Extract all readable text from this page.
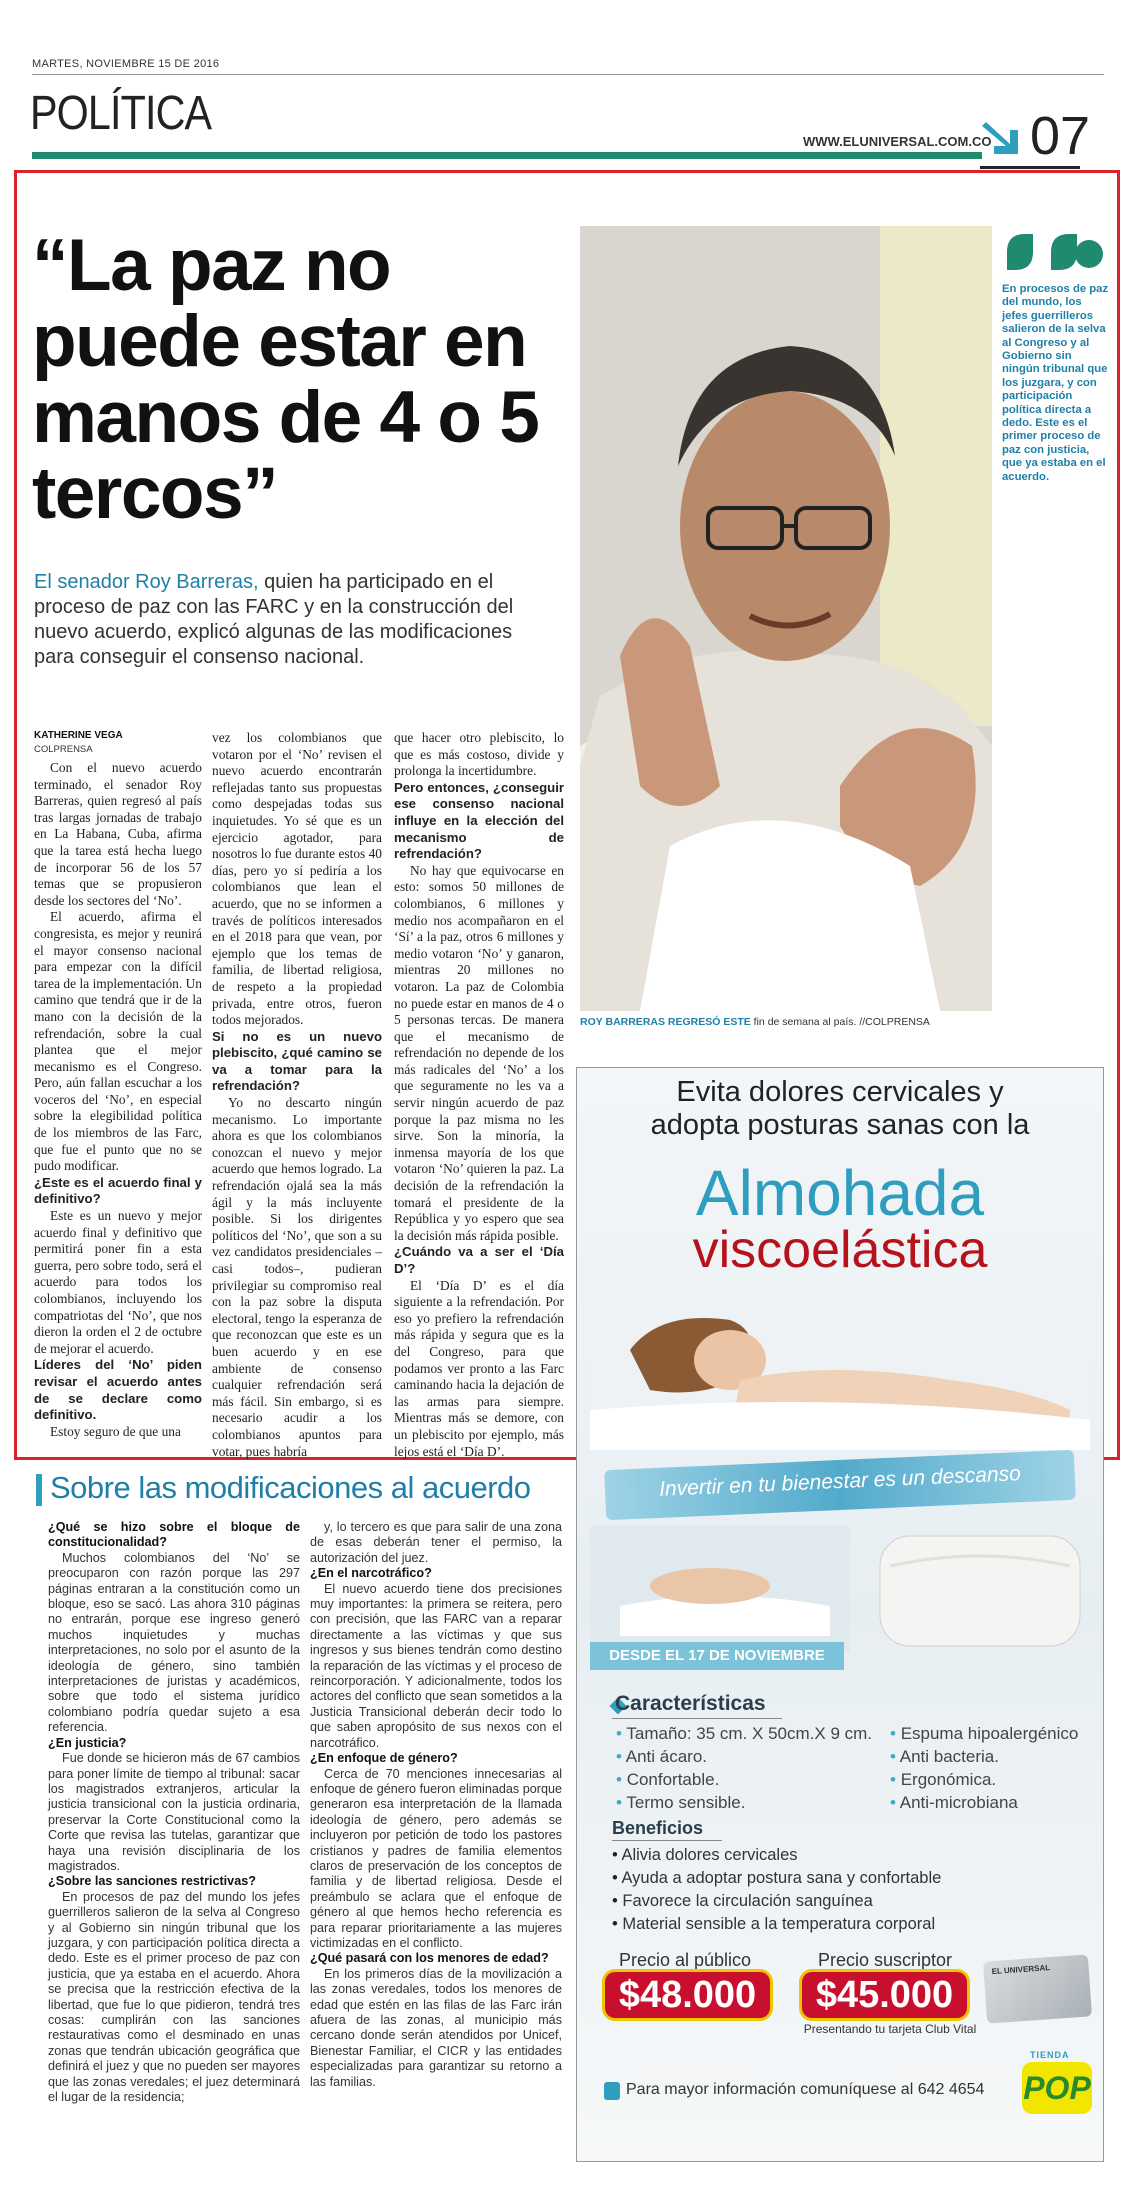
MARTES, NOVIEMBRE 15 DE 2016
POLÍTICA
WWW.ELUNIVERSAL.COM.CO 07
“La paz no puede estar en manos de 4 o 5 tercos”
El senador Roy Barreras, quien ha participado en el proceso de paz con las FARC y en la construcción del nuevo acuerdo, explicó algunas de las modificaciones para conseguir el consenso nacional.
ROY BARRERAS REGRESÓ ESTE fin de semana al país. //COLPRENSA
En procesos de paz del mundo, los jefes guerrilleros salieron de la selva al Congreso y al Gobierno sin ningún tribunal que los juzgara, y con participación política directa a dedo. Este es el primer proceso de paz con justicia, que ya estaba en el acuerdo.
KATHERINE VEGA
COLPRENSA

Con el nuevo acuerdo terminado, el senador Roy Barreras, quien regresó al país tras largas jornadas de trabajo en La Habana, Cuba, afirma que la tarea está hecha luego de incorporar 56 de los 57 temas que se propusieron desde los sectores del ‘No’.

El acuerdo, afirma el congresista, es mejor y reunirá el mayor consenso nacional para empezar con la difícil tarea de la implementación. Un camino que tendrá que ir de la mano con la decisión de la refrendación, sobre la cual plantea que el mejor mecanismo es el Congreso. Pero, aún fallan escuchar a los voceros del ‘No’, en especial sobre la elegibilidad política de los miembros de las Farc, que fue el punto que no se pudo modificar.

¿Este es el acuerdo final y definitivo?

Este es un nuevo y mejor acuerdo final y definitivo que permitirá poner fin a esta guerra, pero sobre todo, será el acuerdo para todos los colombianos, incluyendo los compatriotas del ‘No’, que nos dieron la orden el 2 de octubre de mejorar el acuerdo.

Líderes del ‘No’ piden revisar el acuerdo antes de se declare como definitivo.

Estoy seguro de que una

vez los colombianos que votaron por el ‘No’ revisen el nuevo acuerdo encontrarán reflejadas tanto sus propuestas como despejadas todas sus inquietudes. Yo sé que es un ejercicio agotador, para nosotros lo fue durante estos 40 días, pero yo sí pediría a los colombianos que lean el acuerdo, que no se informen a través de políticos interesados en el 2018 para que vean, por ejemplo que los temas de familia, de libertad religiosa, de respeto a la propiedad privada, entre otros, fueron todos mejorados.

Si no es un nuevo plebiscito, ¿qué camino se va a tomar para la refrendación?

Yo no descarto ningún mecanismo. Lo importante ahora es que los colombianos conozcan el nuevo y mejor acuerdo que hemos logrado. La refrendación ojalá sea la más ágil y la más incluyente posible. Si los dirigentes políticos del ‘No’, que son a su vez candidatos presidenciales –casi todos–, pudieran privilegiar su compromiso real con la paz sobre la disputa electoral, tengo la esperanza de que reconozcan que este es un buen acuerdo y en ese ambiente de consenso cualquier refrendación será más fácil. Sin embargo, si es necesario acudir a los colombianos apuntos para votar, pues habría

que hacer otro plebiscito, lo que es más costoso, divide y prolonga la incertidumbre.

Pero entonces, ¿conseguir ese consenso nacional influye en la elección del mecanismo de refrendación?

No hay que equivocarse en esto: somos 50 millones de colombianos, 6 millones y medio nos acompañaron en el ‘Sí’ a la paz, otros 6 millones y medio votaron ‘No’ y ganaron, mientras 20 millones no votaron. La paz de Colombia no puede estar en manos de 4 o 5 personas tercas. De manera que el mecanismo de refrendación no depende de los más radicales del ‘No’ a los que seguramente no les va a servir ningún acuerdo de paz porque la paz misma no les sirve. Son la minoría, la inmensa mayoría de los que votaron ‘No’ quieren la paz. La decisión de la refrendación la tomará el presidente de la República y yo espero que sea la decisión más rápida posible.

¿Cuándo va a ser el ‘Día D’?

El ‘Día D’ es el día siguiente a la refrendación. Por eso yo prefiero la refrendación más rápida y segura que es la del Congreso, para que podamos ver pronto a las Farc caminando hacia la dejación de las armas para siempre. Mientras más se demore, con un plebiscito por ejemplo, más lejos está el ‘Día D’.

Sobre las modificaciones al acuerdo

¿Qué se hizo sobre el bloque de constitucionalidad?

Muchos colombianos del ‘No’ se preocuparon con razón porque las 297 páginas entraran a la constitución como un bloque, eso se sacó. Las ahora 310 páginas no entrarán, porque ese ingreso generó muchos inquietudes y muchas interpretaciones, no solo por el asunto de la ideología de género, sino también interpretaciones de juristas y académicos, sobre que todo el sistema jurídico colombiano podría quedar sujeto a esa referencia.

¿En justicia?

Fue donde se hicieron más de 67 cambios para poner límite de tiempo al tribunal: sacar los magistrados extranjeros, articular la justicia transicional con la justicia ordinaria, preservar la Corte Constitucional como la Corte que revisa las tutelas, garantizar que haya una revisión disciplinaria de los magistrados.

¿Sobre las sanciones restrictivas?

En procesos de paz del mundo los jefes guerrilleros salieron de la selva al Congreso y al Gobierno sin ningún tribunal que los juzgara, y con participación política directa a dedo. Este es el primer proceso de paz con justicia, que ya estaba en el acuerdo. Ahora se precisa que la restricción efectiva de la libertad, que fue lo que pidieron, tendrá tres cosas: cumplirán con las sanciones restaurativas como el desminado en unas zonas que tendrán ubicación geográfica que definirá el juez y que no pueden ser mayores que las zonas veredales; el juez determinará el lugar de la residencia;

y, lo tercero es que para salir de una zona de esas deberán tener el permiso, la autorización del juez.

¿En el narcotráfico?

El nuevo acuerdo tiene dos precisiones muy importantes: la primera se reitera, pero con precisión, que las FARC van a reparar directamente a las víctimas y que sus ingresos y sus bienes tendrán como destino la reparación de las víctimas y el proceso de reincorporación. Y adicionalmente, todos los actores del conflicto que sean sometidos a la Justicia Transicional deberán decir todo lo que saben apropósito de sus nexos con el narcotráfico.

¿En enfoque de género?

Cerca de 70 menciones innecesarias al enfoque de género fueron eliminadas porque generaron esa interpretación de la llamada ideología de género, pero además se incluyeron por petición de todo los pastores cristianos y padres de familia elementos claros de preservación de los conceptos de familia y de libertad religiosa. Desde el preámbulo se aclara que el enfoque de género al que hemos hecho referencia es para reparar prioritariamente a las mujeres victimizadas en el conflicto.

¿Qué pasará con los menores de edad?

En los primeros días de la movilización a las zonas veredales, todos los menores de edad que estén en las filas de las Farc irán afuera de las zonas, al municipio más cercano donde serán atendidos por Unicef, Bienestar Familiar, el CICR y las entidades especializadas para garantizar su retorno a las familias.

Evita dolores cervicales y
adopta posturas sanas con la
Almohada
viscoelástica
Invertir en tu bienestar es un descanso
DESDE EL 17 DE NOVIEMBRE
Características
• Tamaño: 35 cm. X 50cm.X 9 cm.
• Anti ácaro.
• Confortable.
• Termo sensible.
• Espuma hipoalergénico
• Anti bacteria.
• Ergonómica.
• Anti-microbiana
Beneficios
• Alivia dolores cervicales
• Ayuda a adoptar postura sana y confortable
• Favorece la circulación sanguínea
• Material sensible a la temperatura corporal
Precio al público
$48.000
Precio suscriptor
$45.000
Presentando tu tarjeta Club Vital
EL UNIVERSAL
Para mayor información comuníquese al 642 4654
TIENDA
POP
